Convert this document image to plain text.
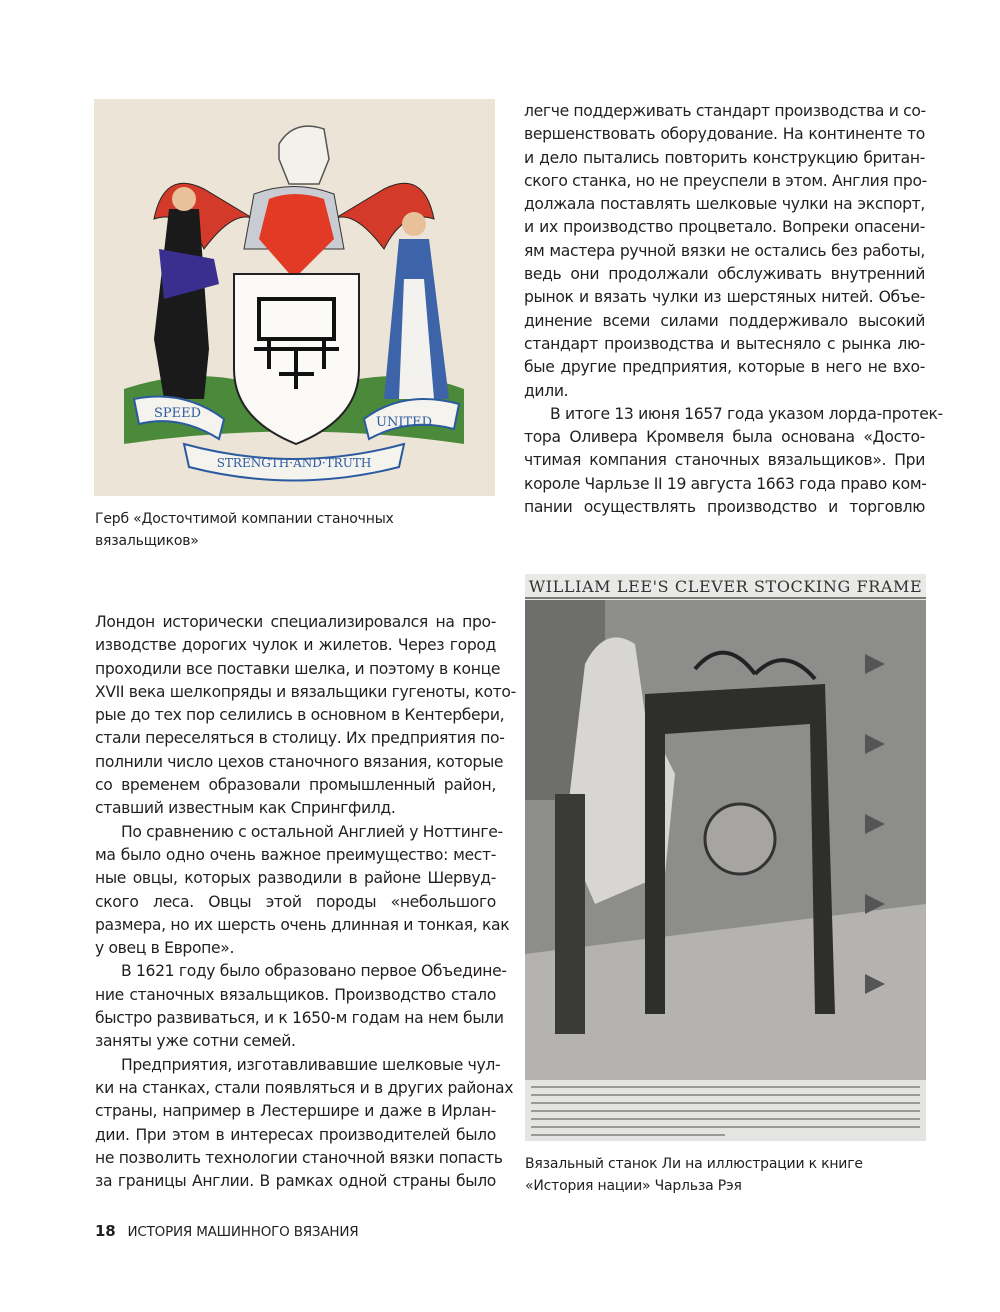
SPEED
UNITED
STRENGTH·AND·TRUTH
Герб «Досточтимой компании станочных
вязальщиков»
WILLIAM LEE'S CLEVER STOCKING FRAME
Вязальный станок Ли на иллюстрации к книге
«История нации» Чарльза Рэя
легче поддерживать стандарт производства и со-
вершенствовать оборудование. На континенте то
и дело пытались повторить конструкцию британ-
ского станка, но не преуспели в этом. Англия про-
должала поставлять шелковые чулки на экспорт,
и их производство процветало. Вопреки опасени-
ям мастера ручной вязки не остались без работы,
ведь они продолжали обслуживать внутренний
рынок и вязать чулки из шерстяных нитей. Объе-
динение всеми силами поддерживало высокий
стандарт производства и вытесняло с рынка лю-
бые другие предприятия, которые в него не вхо-
дили.
В итоге 13 июня 1657 года указом лорда-протек-
тора Оливера Кромвеля была основана «Досто-
чтимая компания станочных вязальщиков». При
короле Чарльзе II 19 августа 1663 года право ком-
пании осуществлять производство и торговлю
Лондон исторически специализировался на про-
изводстве дорогих чулок и жилетов. Через город
проходили все поставки шелка, и поэтому в конце
XVII века шелкопряды и вязальщики гугеноты, кото-
рые до тех пор селились в основном в Кентербери,
стали переселяться в столицу. Их предприятия по-
полнили число цехов станочного вязания, которые
со временем образовали промышленный район,
ставший известным как Спрингфилд.
По сравнению с остальной Англией у Ноттинге-
ма было одно очень важное преимущество: мест-
ные овцы, которых разводили в районе Шервуд-
ского леса. Овцы этой породы «небольшого
размера, но их шерсть очень длинная и тонкая, как
у овец в Европе».
В 1621 году было образовано первое Объедине-
ние станочных вязальщиков. Производство стало
быстро развиваться, и к 1650-м годам на нем были
заняты уже сотни семей.
Предприятия, изготавливавшие шелковые чул-
ки на станках, стали появляться и в других районах
страны, например в Лестершире и даже в Ирлан-
дии. При этом в интересах производителей было
не позволить технологии станочной вязки попасть
за границы Англии. В рамках одной страны было
18 ИСТОРИЯ МАШИННОГО ВЯЗАНИЯ
